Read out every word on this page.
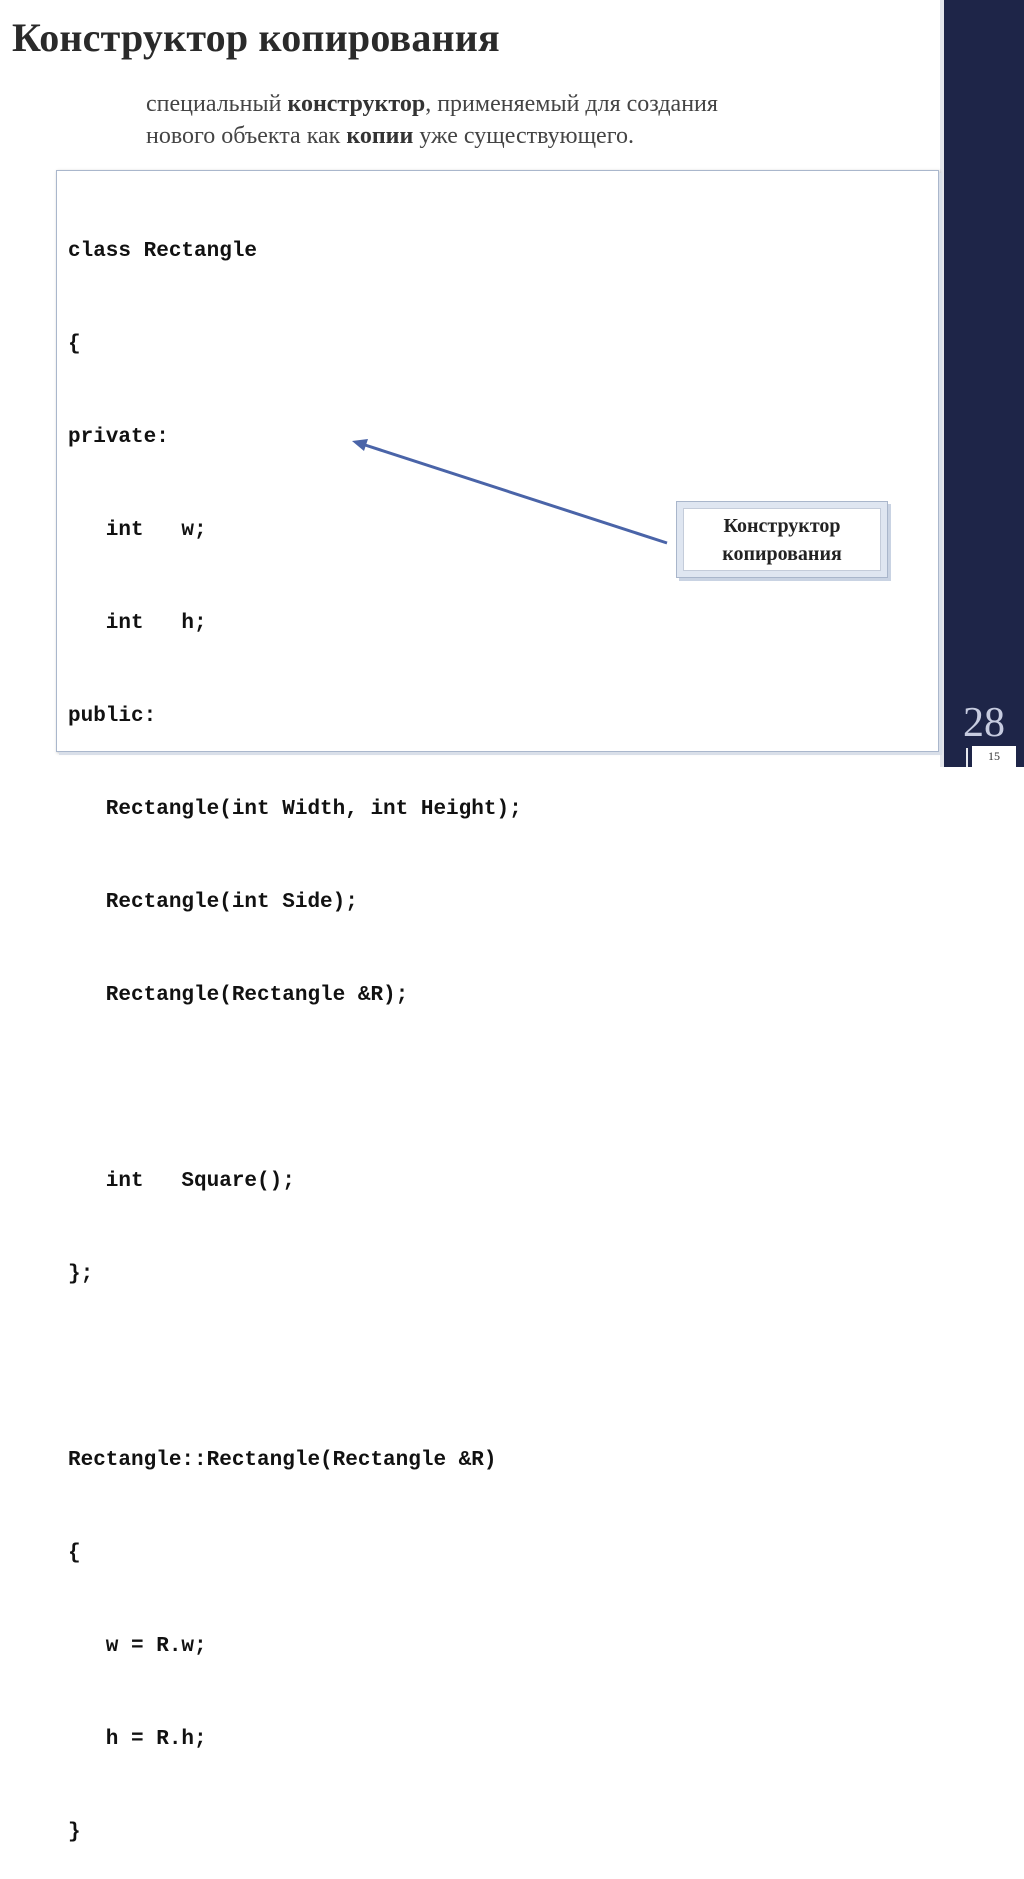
Конструктор копирования

специальный конструктор, применяемый для создания
нового объекта как копии уже существующего.

class Rectangle

{

private:

int   w;

int   h;

public:

Rectangle(int Width, int Height);

Rectangle(int Side);

Rectangle(Rectangle &R);

int   Square();

};

Rectangle::Rectangle(Rectangle &R)

{

w = R.w;

h = R.h;

}

Конструктор
копирования
28
15
